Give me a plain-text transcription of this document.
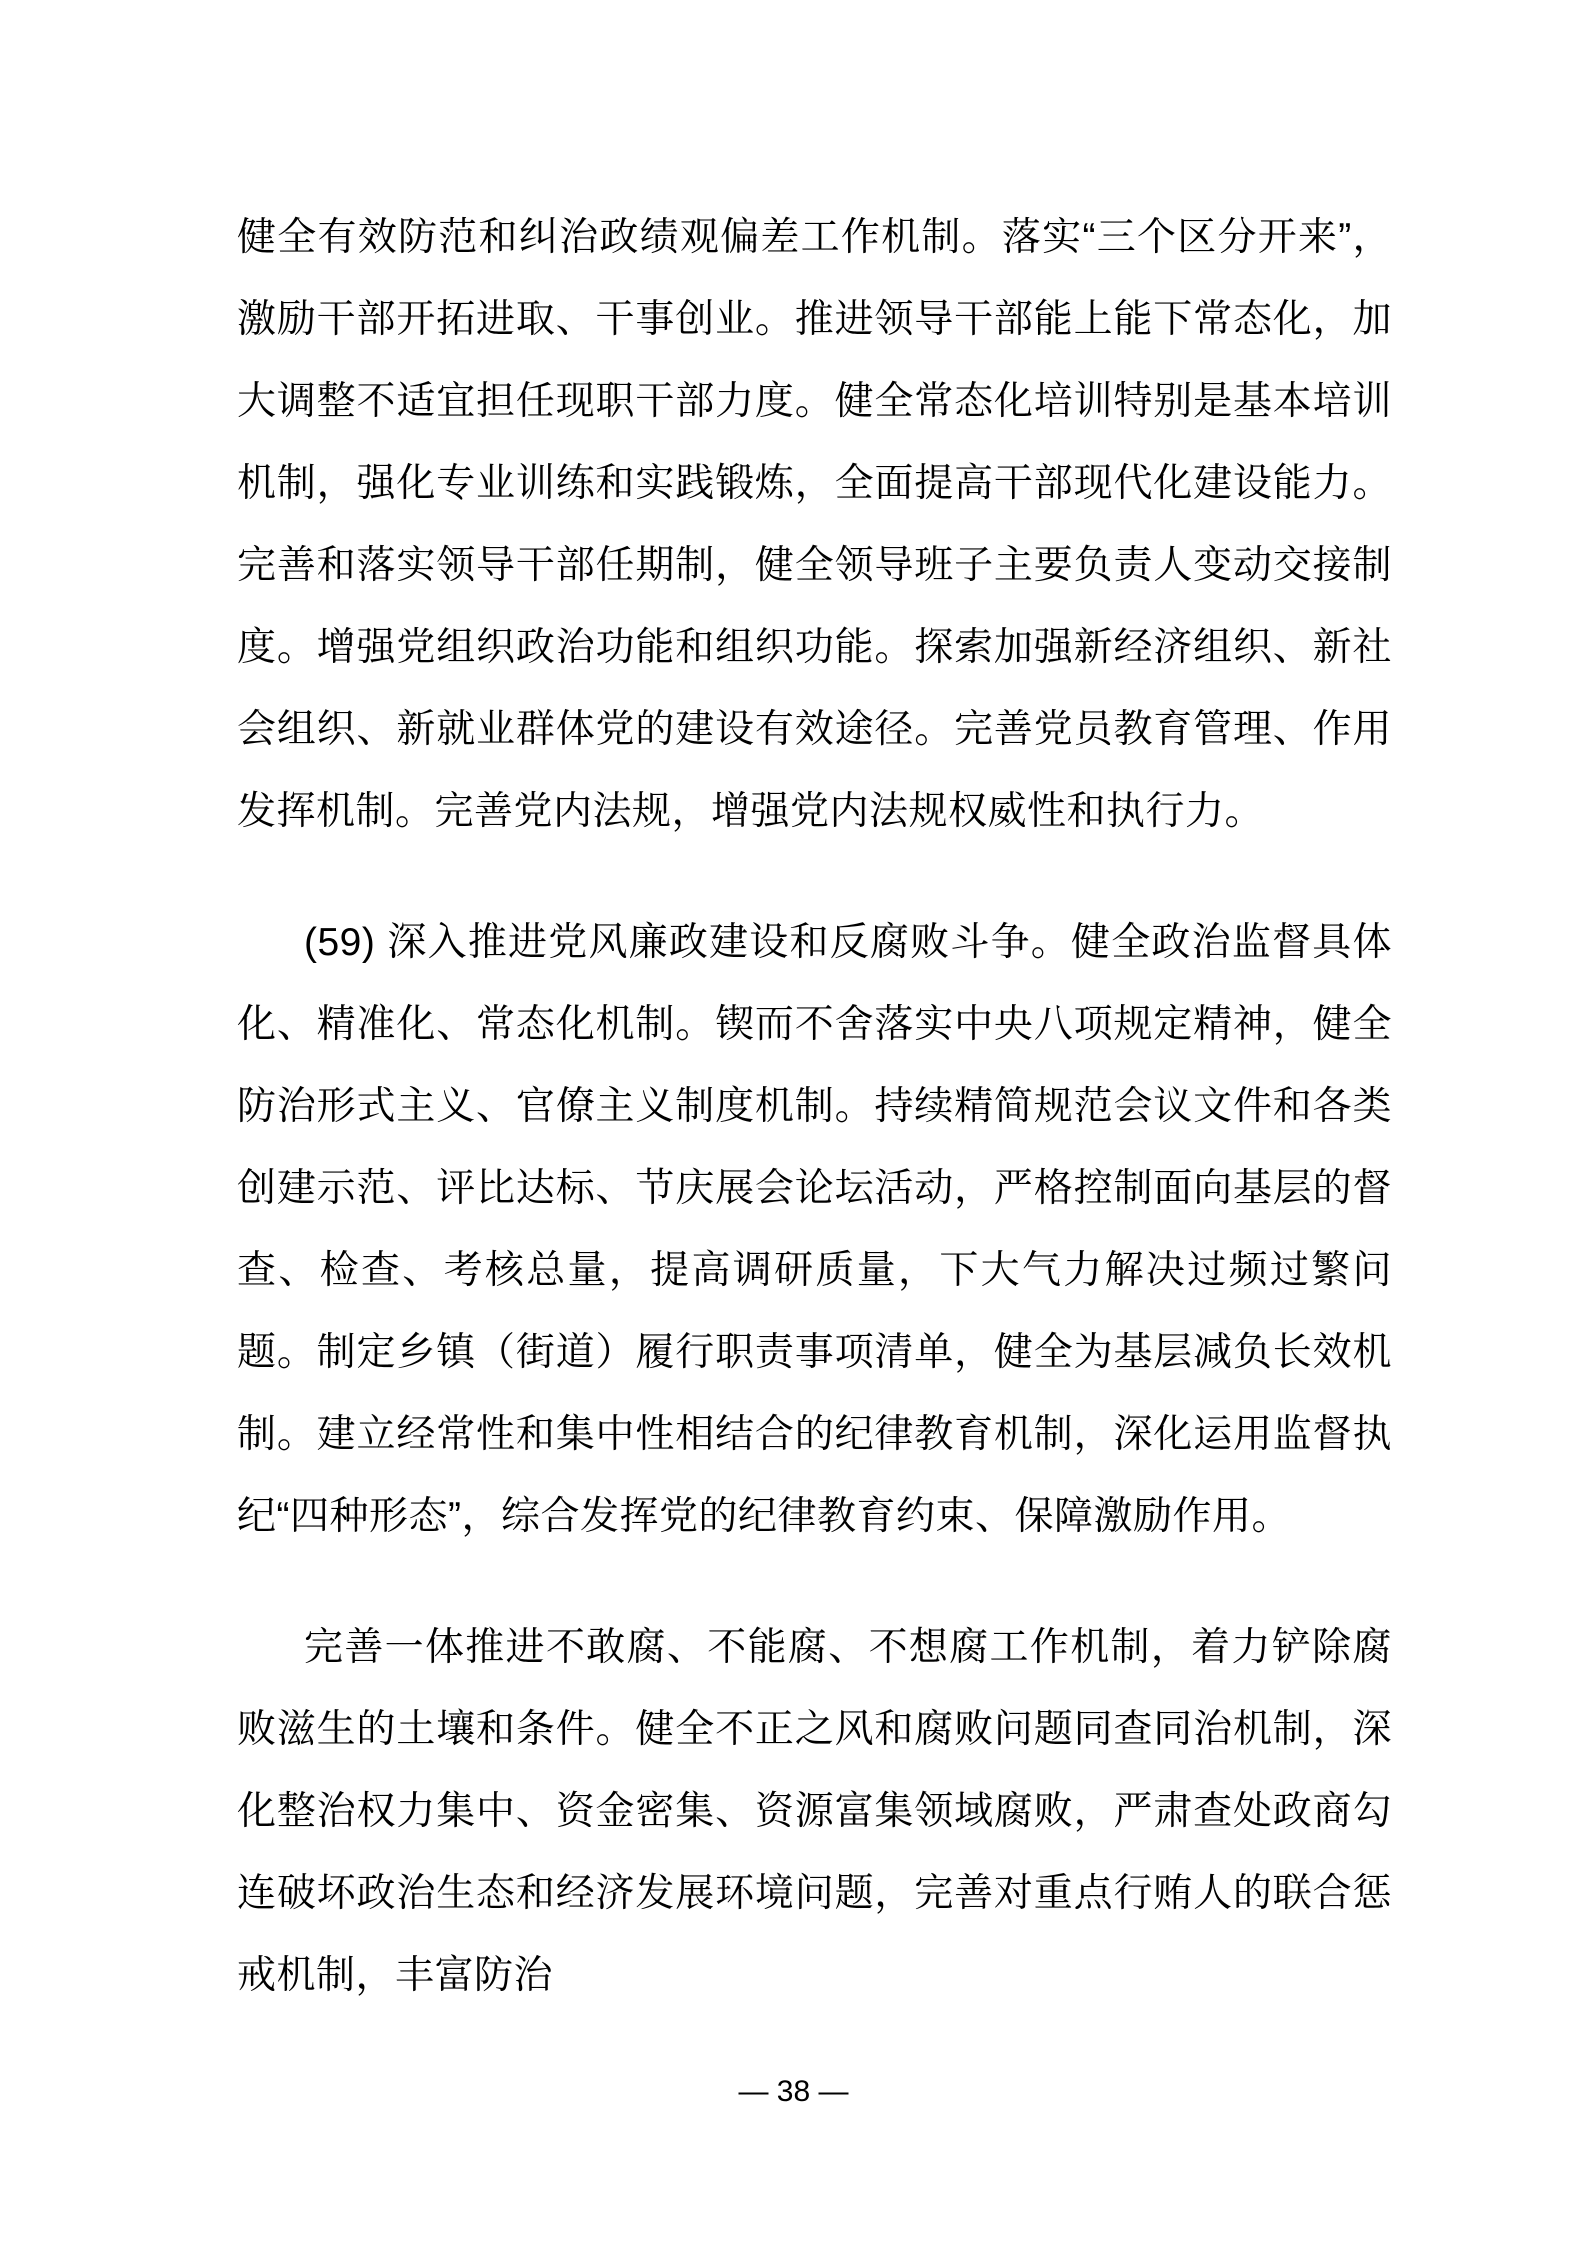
健全有效防范和纠治政绩观偏差工作机制。落实“三个区分开来”，激励干部开拓进取、干事创业。推进领导干部能上能下常态化，加大调整不适宜担任现职干部力度。健全常态化培训特别是基本培训机制，强化专业训练和实践锻炼，全面提高干部现代化建设能力。完善和落实领导干部任期制，健全领导班子主要负责人变动交接制度。增强党组织政治功能和组织功能。探索加强新经济组织、新社会组织、新就业群体党的建设有效途径。完善党员教育管理、作用发挥机制。完善党内法规，增强党内法规权威性和执行力。

(59) 深入推进党风廉政建设和反腐败斗争。健全政治监督具体化、精准化、常态化机制。锲而不舍落实中央八项规定精神，健全防治形式主义、官僚主义制度机制。持续精简规范会议文件和各类创建示范、评比达标、节庆展会论坛活动，严格控制面向基层的督查、检查、考核总量，提高调研质量，下大气力解决过频过繁问题。制定乡镇（街道）履行职责事项清单，健全为基层减负长效机制。建立经常性和集中性相结合的纪律教育机制，深化运用监督执纪“四种形态”，综合发挥党的纪律教育约束、保障激励作用。

完善一体推进不敢腐、不能腐、不想腐工作机制，着力铲除腐败滋生的土壤和条件。健全不正之风和腐败问题同查同治机制，深化整治权力集中、资金密集、资源富集领域腐败，严肃查处政商勾连破坏政治生态和经济发展环境问题，完善对重点行贿人的联合惩戒机制，丰富防治

— 38 —
